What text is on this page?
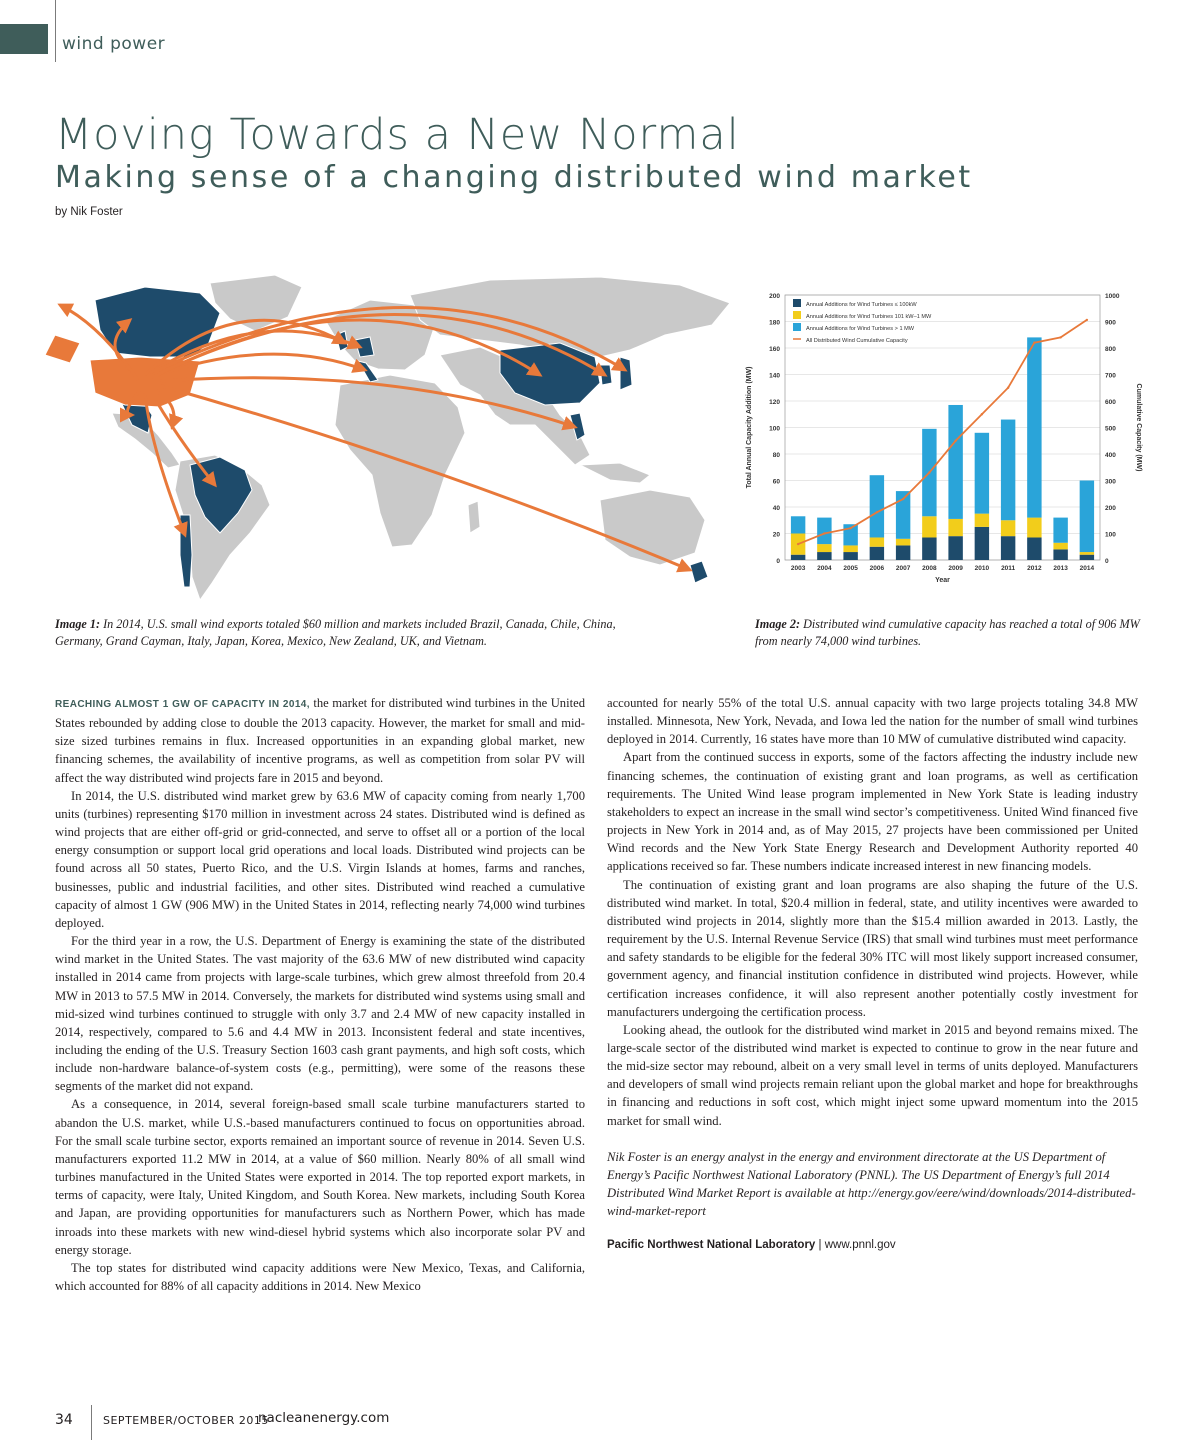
wind power
Moving Towards a New Normal
Making sense of a changing distributed wind market
by Nik Foster
0
20
40
60
80
100
120
140
160
180
200
0
100
200
300
400
500
600
700
800
900
1000
2003 2004 2005 2006 2007 2008 2009 2010 2011 2012 2013 2014
Year
Total Annual Capacity Addition (MW)	Cumulative Capacity (MW)
Annual Additions for Wind Turbines ≤ 100kW
Annual Additions for Wind Turbines 101 kW–1 MW
Annual Additions for Wind Turbines > 1 MW
All Distributed Wind Cumulative Capacity
Image 1: In 2014, U.S. small wind exports totaled $60 million and markets included Brazil, Canada, Chile, China, Germany, Grand Cayman, Italy, Japan, Korea, Mexico, New Zealand, UK, and Vietnam.
Image 2: Distributed wind cumulative capacity has reached a total of 906 MW from nearly 74,000 wind turbines.

REACHING ALMOST 1 GW OF CAPACITY IN 2014, the market for distributed wind turbines in the United States rebounded by adding close to double the 2013 capacity. However, the market for small and mid-size sized turbines remains in flux. Increased opportunities in an expanding global market, new financing schemes, the availability of incentive programs, as well as competition from solar PV will affect the way distributed wind projects fare in 2015 and beyond.

In 2014, the U.S. distributed wind market grew by 63.6 MW of capacity coming from nearly 1,700 units (turbines) representing $170 million in investment across 24 states. Distributed wind is defined as wind projects that are either off-grid or grid-connected, and serve to offset all or a portion of the local energy consumption or support local grid operations and local loads. Distributed wind projects can be found across all 50 states, Puerto Rico, and the U.S. Virgin Islands at homes, farms and ranches, businesses, public and industrial facilities, and other sites. Distributed wind reached a cumulative capacity of almost 1 GW (906 MW) in the United States in 2014, reflecting nearly 74,000 wind turbines deployed.

For the third year in a row, the U.S. Department of Energy is examining the state of the distributed wind market in the United States. The vast majority of the 63.6 MW of new distributed wind capacity installed in 2014 came from projects with large-scale turbines, which grew almost threefold from 20.4 MW in 2013 to 57.5 MW in 2014. Conversely, the markets for distributed wind systems using small and mid-sized wind turbines continued to struggle with only 3.7 and 2.4 MW of new capacity installed in 2014, respectively, compared to 5.6 and 4.4 MW in 2013. Inconsistent federal and state incentives, including the ending of the U.S. Treasury Section 1603 cash grant payments, and high soft costs, which include non-hardware balance-of-system costs (e.g., permitting), were some of the reasons these segments of the market did not expand.

As a consequence, in 2014, several foreign-based small scale turbine manufacturers started to abandon the U.S. market, while U.S.-based manufacturers continued to focus on opportunities abroad. For the small scale turbine sector, exports remained an important source of revenue in 2014. Seven U.S. manufacturers exported 11.2 MW in 2014, at a value of $60 million. Nearly 80% of all small wind turbines manufactured in the United States were exported in 2014. The top reported export markets, in terms of capacity, were Italy, United Kingdom, and South Korea. New markets, including South Korea and Japan, are providing opportunities for manufacturers such as Northern Power, which has made inroads into these markets with new wind-diesel hybrid systems which also incorporate solar PV and energy storage.

The top states for distributed wind capacity additions were New Mexico, Texas, and California, which accounted for 88% of all capacity additions in 2014. New Mexico

accounted for nearly 55% of the total U.S. annual capacity with two large projects totaling 34.8 MW installed. Minnesota, New York, Nevada, and Iowa led the nation for the number of small wind turbines deployed in 2014. Currently, 16 states have more than 10 MW of cumulative distributed wind capacity.

Apart from the continued success in exports, some of the factors affecting the industry include new financing schemes, the continuation of existing grant and loan programs, as well as certification requirements. The United Wind lease program implemented in New York State is leading industry stakeholders to expect an increase in the small wind sector’s competitiveness. United Wind financed five projects in New York in 2014 and, as of May 2015, 27 projects have been commissioned per United Wind records and the New York State Energy Research and Development Authority reported 40 applications received so far. These numbers indicate increased interest in new financing models.

The continuation of existing grant and loan programs are also shaping the future of the U.S. distributed wind market. In total, $20.4 million in federal, state, and utility incentives were awarded to distributed wind projects in 2014, slightly more than the $15.4 million awarded in 2013. Lastly, the requirement by the U.S. Internal Revenue Service (IRS) that small wind turbines must meet performance and safety standards to be eligible for the federal 30% ITC will most likely support increased consumer, government agency, and financial institution confidence in distributed wind projects. However, while certification increases confidence, it will also represent another potentially costly investment for manufacturers undergoing the certification process.

Looking ahead, the outlook for the distributed wind market in 2015 and beyond remains mixed. The large-scale sector of the distributed wind market is expected to continue to grow in the near future and the mid-size sector may rebound, albeit on a very small level in terms of units deployed. Manufacturers and developers of small wind projects remain reliant upon the global market and hope for breakthroughs in financing and reductions in soft cost, which might inject some upward momentum into the 2015 market for small wind.

Nik Foster is an energy analyst in the energy and environment directorate at the US Department of Energy’s Pacific Northwest National Laboratory (PNNL). The US Department of Energy’s full 2014 Distributed Wind Market Report is available at http://energy.gov/eere/wind/downloads/2014-distributed-wind-market-report

Pacific Northwest National Laboratory | www.pnnl.gov

34	SEPTEMBER/OCTOBER 2015
nacleanenergy.com
